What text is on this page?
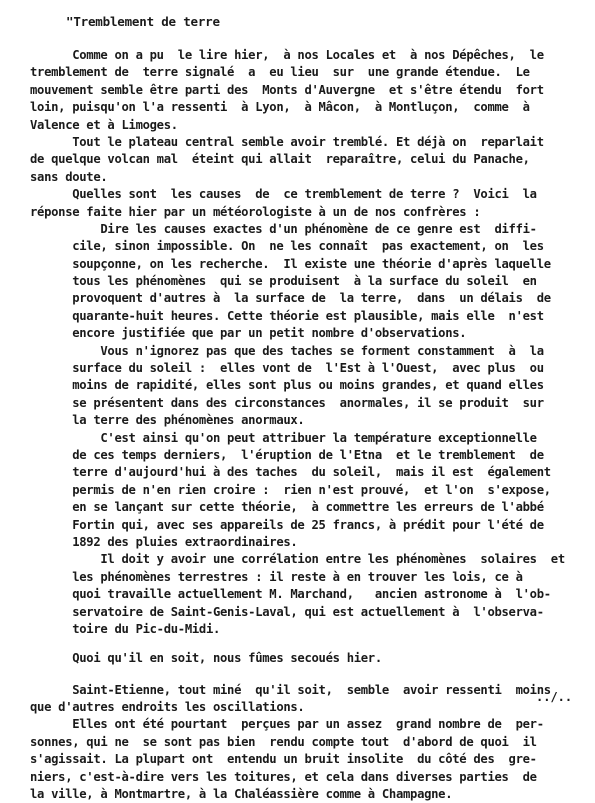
"Tremblement de terre
Comme on a pu  le lire hier,  à nos Locales et  à nos Dépêches,  le
tremblement de  terre signalé  a  eu lieu  sur  une grande étendue.  Le
mouvement semble être parti des  Monts d'Auvergne  et s'être étendu  fort
loin, puisqu'on l'a ressenti  à Lyon,  à Mâcon,  à Montluçon,  comme  à
Valence et à Limoges.
Tout le plateau central semble avoir tremblé. Et déjà on  reparlait
de quelque volcan mal  éteint qui allait  reparaître, celui du Panache,
sans doute.
Quelles sont  les causes  de  ce tremblement de terre ?  Voici  la
réponse faite hier par un météorologiste à un de nos confrères :
Dire les causes exactes d'un phénomène de ce genre est  diffi-
cile, sinon impossible. On  ne les connaît  pas exactement, on  les
soupçonne, on les recherche.  Il existe une théorie d'après laquelle
tous les phénomènes  qui se produisent  à la surface du soleil  en
provoquent d'autres à  la surface de  la terre,  dans  un délais  de
quarante-huit heures. Cette théorie est plausible, mais elle  n'est
encore justifiée que par un petit nombre d'observations.
Vous n'ignorez pas que des taches se forment constamment  à  la
surface du soleil :  elles vont de  l'Est à l'Ouest,  avec plus  ou
moins de rapidité, elles sont plus ou moins grandes, et quand elles
se présentent dans des circonstances  anormales, il se produit  sur
la terre des phénomènes anormaux.
C'est ainsi qu'on peut attribuer la température exceptionnelle
de ces temps derniers,  l'éruption de l'Etna  et le tremblement  de
terre d'aujourd'hui à des taches  du soleil,  mais il est  également
permis de n'en rien croire :  rien n'est prouvé,  et l'on  s'expose,
en se lançant sur cette théorie,  à commettre les erreurs de l'abbé
Fortin qui, avec ses appareils de 25 francs, à prédit pour l'été de
1892 des pluies extraordinaires.
Il doit y avoir une corrélation entre les phénomènes  solaires  et
les phénomènes terrestres : il reste à en trouver les lois, ce à
quoi travaille actuellement M. Marchand,   ancien astronome à  l'ob-
servatoire de Saint-Genis-Laval, qui est actuellement à  l'observa-
toire du Pic-du-Midi.
Quoi qu'il en soit, nous fûmes secoués hier.
Saint-Etienne, tout miné  qu'il soit,  semble  avoir ressenti  moins
que d'autres endroits les oscillations.
Elles ont été pourtant  perçues par un assez  grand nombre de  per-
sonnes, qui ne  se sont pas bien  rendu compte tout  d'abord de quoi  il
s'agissait. La plupart ont  entendu un bruit insolite  du côté des  gre-
niers, c'est-à-dire vers les toitures, et cela dans diverses parties  de
la ville, à Montmartre, à la Chaléassière comme à Champagne.
../..
